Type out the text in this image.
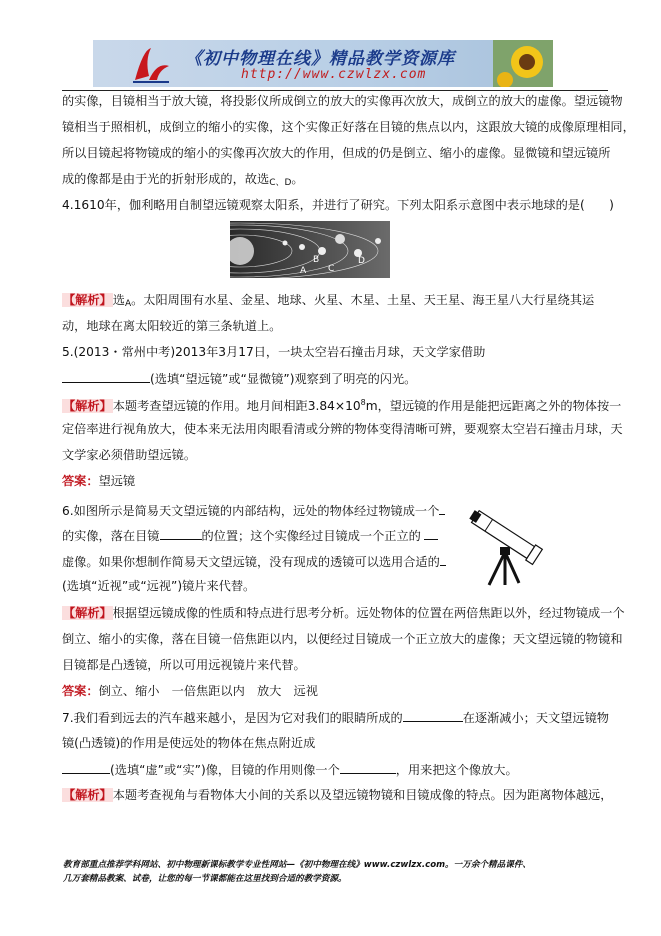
《初中物理在线》精品教学资源库
http://www.czwlzx.com
的实像，目镜相当于放大镜，将投影仪所成倒立的放大的实像再次放大，成倒立的放大的虚像。望远镜物
镜相当于照相机，成倒立的缩小的实像，这个实像正好落在目镜的焦点以内，这跟放大镜的成像原理相同，
所以目镜起将物镜成的缩小的实像再次放大的作用，但成的仍是倒立、缩小的虚像。显微镜和望远镜所
成的像都是由于光的折射形成的，故选$_{C、D}$。
4.1610年，伽利略用自制望远镜观察太阳系，并进行了研究。下列太阳系示意图中表示地球的是(　　)
A
B
C
D
【解析】选$_A$。太阳周围有水星、金星、地球、火星、木星、土星、天王星、海王星八大行星绕其运
动，地球在离太阳较近的第三条轨道上。
5.(2013・常州中考)2013年3月17日，一块太空岩石撞击月球，天文学家借助
(选填“望远镜”或“显微镜”)观察到了明亮的闪光。
【解析】本题考查望远镜的作用。地月间相距$3.84\times 10^8m$，望远镜的作用是能把远距离之外的物体按一
定倍率进行视角放大，使本来无法用肉眼看清或分辨的物体变得清晰可辨，要观察太空岩石撞击月球，天
文学家必须借助望远镜。
答案：望远镜
6.如图所示是简易天文望远镜的内部结构，远处的物体经过物镜成一个
的实像，落在目镜	的位置；这个实像经过目镜成一个正立的
虚像。如果你想制作简易天文望远镜，没有现成的透镜可以选用合适的
(选填“近视”或“远视”)镜片来代替。
【解析】根据望远镜成像的性质和特点进行思考分析。远处物体的位置在两倍焦距以外，经过物镜成一个
倒立、缩小的实像，落在目镜一倍焦距以内，以便经过目镜成一个正立放大的虚像；天文望远镜的物镜和
目镜都是凸透镜，所以可用远视镜片来代替。
答案：倒立、缩小　一倍焦距以内　放大　远视
7.我们看到远去的汽车越来越小，是因为它对我们的眼睛所成的	在逐渐减小；天文望远镜物
镜(凸透镜)的作用是使远处的物体在焦点附近成
(选填“虚”或“实”)像，目镜的作用则像一个	，用来把这个像放大。
【解析】本题考查视角与看物体大小间的关系以及望远镜物镜和目镜成像的特点。因为距离物体越远，
教育部重点推荐学科网站、初中物理新课标教学专业性网站—《初中物理在线》www.czwlzx.com。一万余个精品课件、
几万套精品教案、试卷，让您的每一节课都能在这里找到合适的教学资源。
